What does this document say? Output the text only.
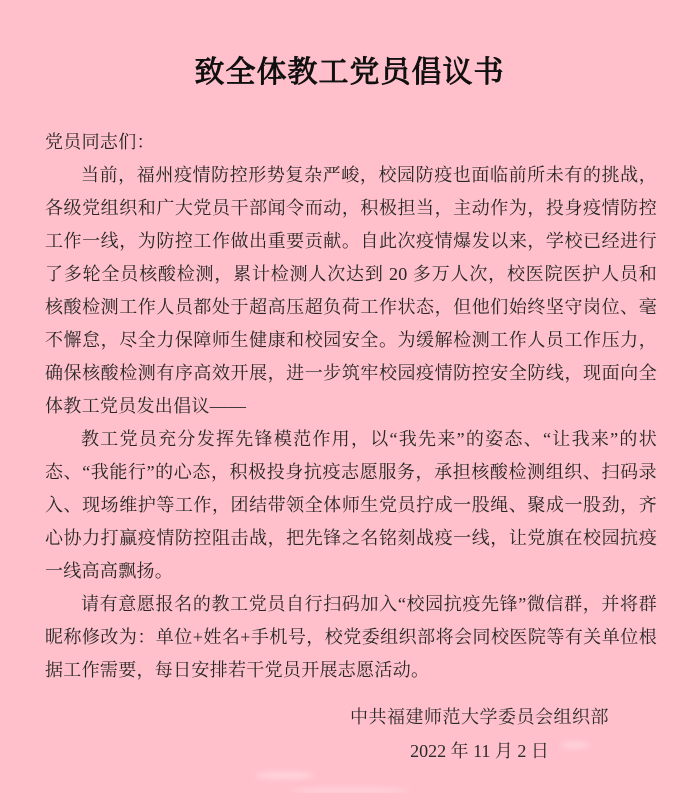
致全体教工党员倡议书

党员同志们：

当前，福州疫情防控形势复杂严峻，校园防疫也面临前所未有的挑战，各级党组织和广大党员干部闻令而动，积极担当，主动作为，投身疫情防控工作一线，为防控工作做出重要贡献。自此次疫情爆发以来，学校已经进行了多轮全员核酸检测，累计检测人次达到 20 多万人次，校医院医护人员和核酸检测工作人员都处于超高压超负荷工作状态，但他们始终坚守岗位、毫不懈怠，尽全力保障师生健康和校园安全。为缓解检测工作人员工作压力，确保核酸检测有序高效开展，进一步筑牢校园疫情防控安全防线，现面向全体教工党员发出倡议——

教工党员充分发挥先锋模范作用，以“我先来”的姿态、“让我来”的状态、“我能行”的心态，积极投身抗疫志愿服务，承担核酸检测组织、扫码录入、现场维护等工作，团结带领全体师生党员拧成一股绳、聚成一股劲，齐心协力打赢疫情防控阻击战，把先锋之名铭刻战疫一线，让党旗在校园抗疫一线高高飘扬。

请有意愿报名的教工党员自行扫码加入“校园抗疫先锋”微信群，并将群昵称修改为：单位+姓名+手机号，校党委组织部将会同校医院等有关单位根据工作需要，每日安排若干党员开展志愿活动。

中共福建师范大学委员会组织部
2022 年 11 月 2 日
